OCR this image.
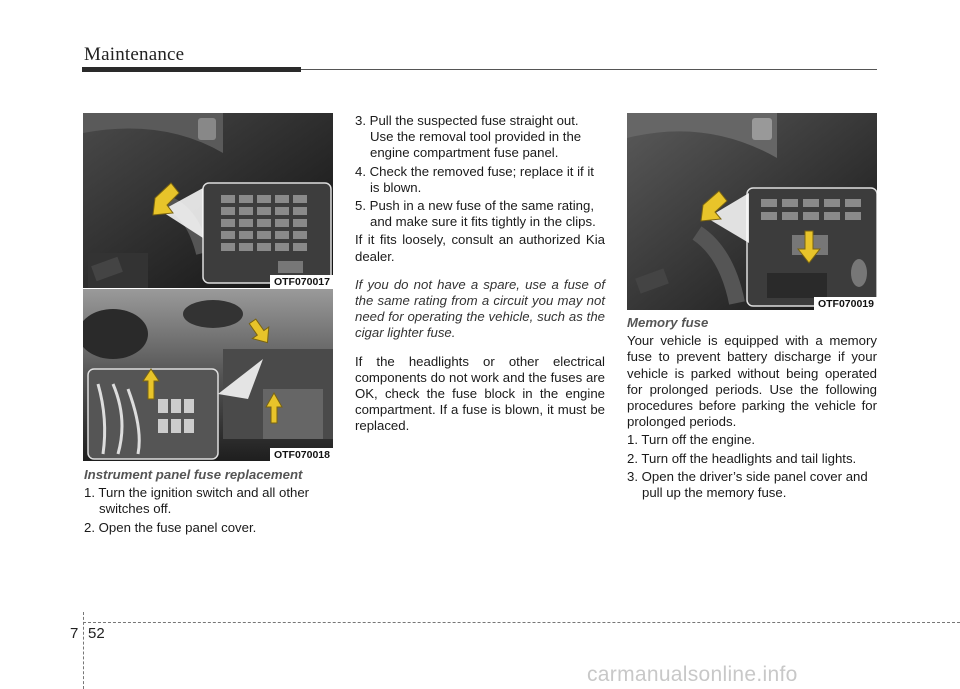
Maintenance
OTF070017
OTF070018
OTF070019

Instrument panel fuse replacement

1. Turn the ignition switch and all other switches off.

2. Open the fuse panel cover.

3. Pull the suspected fuse straight out. Use the removal tool provided in the engine compartment fuse panel.

4. Check the removed fuse; replace it if it is blown.

5. Push in a new fuse of the same rating, and make sure it fits tightly in the clips.

If it fits loosely, consult an authorized Kia dealer.

If you do not have a spare, use a fuse of the same rating from a circuit you may not need for operating the vehicle, such as the cigar lighter fuse.

If the headlights or other electrical components do not work and the fuses are OK, check the fuse block in the engine compartment. If a fuse is blown, it must be replaced.

Memory fuse

Your vehicle is equipped with a memory fuse to prevent battery discharge if your vehicle is parked without being operated for prolonged periods. Use the following procedures before parking the vehicle for prolonged periods.

1. Turn off the engine.

2. Turn off the headlights and tail lights.

3. Open the driver’s side panel cover and pull up the memory fuse.

7 52
carmanualsonline.info
